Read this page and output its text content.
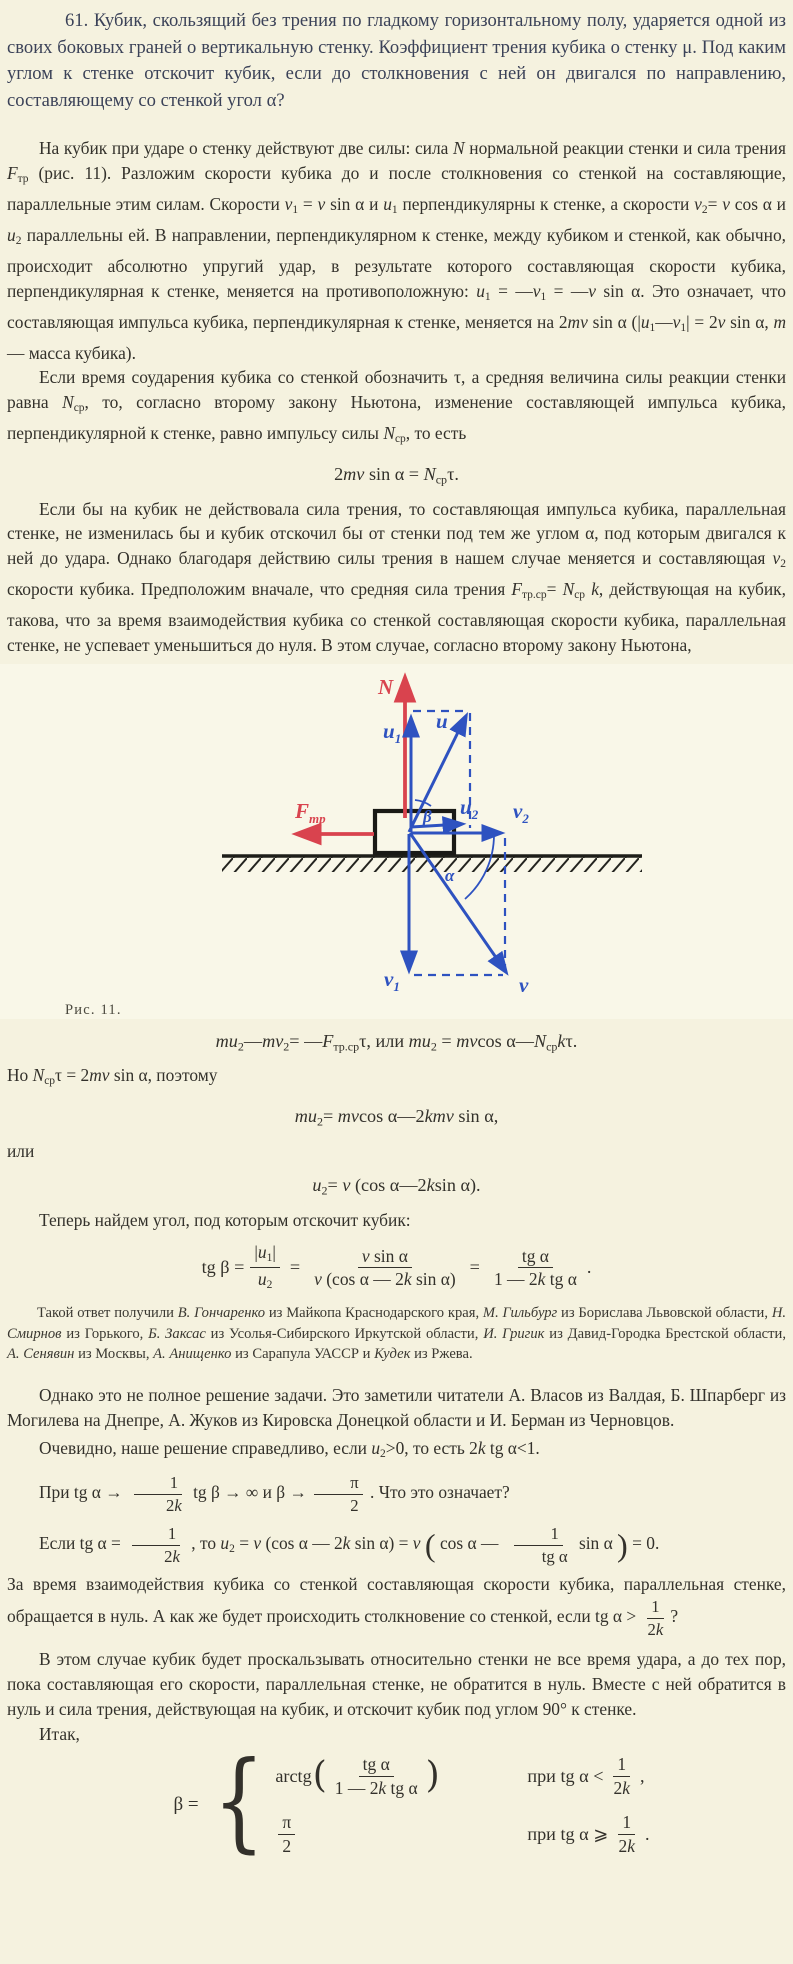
61. Кубик, скользящий без трения по гладкому горизонтальному полу, ударяется одной из своих боковых граней о вертикальную стенку. Коэффициент трения кубика о стенку μ. Под каким углом к стенке отскочит кубик, если до столкновения с ней он двигался по направлению, составляющему со стенкой угол α?

На кубик при ударе о стенку действуют две силы: сила N нормальной реакции стенки и сила трения Fтр (рис. 11). Разложим скорости кубика до и после столкновения со стенкой на составляющие, параллельные этим силам. Скорости v1 = v sin α и u1 перпендикулярны к стенке, а скорости v2= v cos α и u2 параллельны ей. В направлении, перпендикулярном к стенке, между кубиком и стенкой, как обычно, происходит абсолютно упругий удар, в результате которого составляющая скорости кубика, перпендикулярная к стенке, меняется на противоположную: u1 = —v1 = —v sin α. Это означает, что составляющая импульса кубика, перпендикулярная к стенке, меняется на 2mv sin α (|u1—v1| = 2v sin α, m — масса кубика).

Если время соударения кубика со стенкой обозначить τ, а средняя величина силы реакции стенки равна Nср, то, согласно второму закону Ньютона, изменение составляющей импульса кубика, перпендикулярной к стенке, равно импульсу силы Nср, то есть

2mv sin α = Nсрτ.

Если бы на кубик не действовала сила трения, то составляющая импульса кубика, параллельная стенке, не изменилась бы и кубик отскочил бы от стенки под тем же углом α, под которым двигался к ней до удара. Однако благодаря действию силы трения в нашем случае меняется и составляющая v2 скорости кубика. Предположим вначале, что средняя сила трения Fтр.ср= Nср k, действующая на кубик, такова, что за время взаимодействия кубика со стенкой составляющая скорости кубика, параллельная стенке, не успевает уменьшиться до нуля. В этом случае, согласно второму закону Ньютона,

N
$F_{тр}$
$u_1$
u
$u_2$ $v_2$
$v_1$	v
β
α
Рис. 11.
mu2—mv2= —Fтр.срτ, или mu2 = mvcos α—Nсрkτ.

Но Nсрτ = 2mv sin α, поэтому

mu2= mvcos α—2kmv sin α,

или

u2= v (cos α—2ksin α).

Теперь найдем угол, под которым отскочит кубик:

tg $\beta = \frac{|u1|}{u2} = \frac{\text{v sin α}}{\text{v (cos α — 2k sin α)}} = \frac{\text{tg α}}{\text{1 — 2k tg α}}$ .

Такой ответ получили В. Гончаренко из Майкопа Краснодарского края, М. Гильбург из Борислава Львовской области, Н. Смирнов из Горького, Б. Заксас из Усолья-Сибирского Иркутской области, И. Григик из Давид-Городка Брестской области, А. Сенявин из Москвы, А. Анищенко из Сарапула УАССР и Кудек из Ржева.

Однако это не полное решение задачи. Это заметили читатели А. Власов из Валдая, Б. Шпарберг из Могилева на Днепре, А. Жуков из Кировска Донецкой области и И. Берман из Черновцов.

Очевидно, наше решение справедливо, если u2>0, то есть 2k tg α<1.

При tg $\alpha \to \frac{1}{2k}$ tg β → ∞ и $\beta \to \frac{\pi}{2}$ . Что это означает?

Если tg $\alpha = \frac{1}{2k}$ , то u2 = v (cos α — 2k sin α) = v ( cos α — $\frac{1}{\text{tg α}}$ sin α ) = 0.

За время взаимодействия кубика со стенкой составляющая скорости кубика, параллельная стенке, обращается в нуль. А как же будет происходить столкновение со стенкой, если tg $\alpha > \frac{1}{2k}$ ?

В этом случае кубик будет проскальзывать относительно стенки не все время удара, а до тех пор, пока составляющая его скорости, параллельная стенке, не обратится в нуль. Вместе с ней обратится в нуль и сила трения, действующая на кубик, и отскочит кубик под углом 90° к стенке.

Итак,

β = { arctg ( $\frac{\text{tg α}}{\text{1 — 2k tg α}}$ )	при tg $\alpha < \frac{1}{2k}$ ,
$\frac{\pi}{2}$	при tg α ⩾ $\frac{1}{2k}$ .
